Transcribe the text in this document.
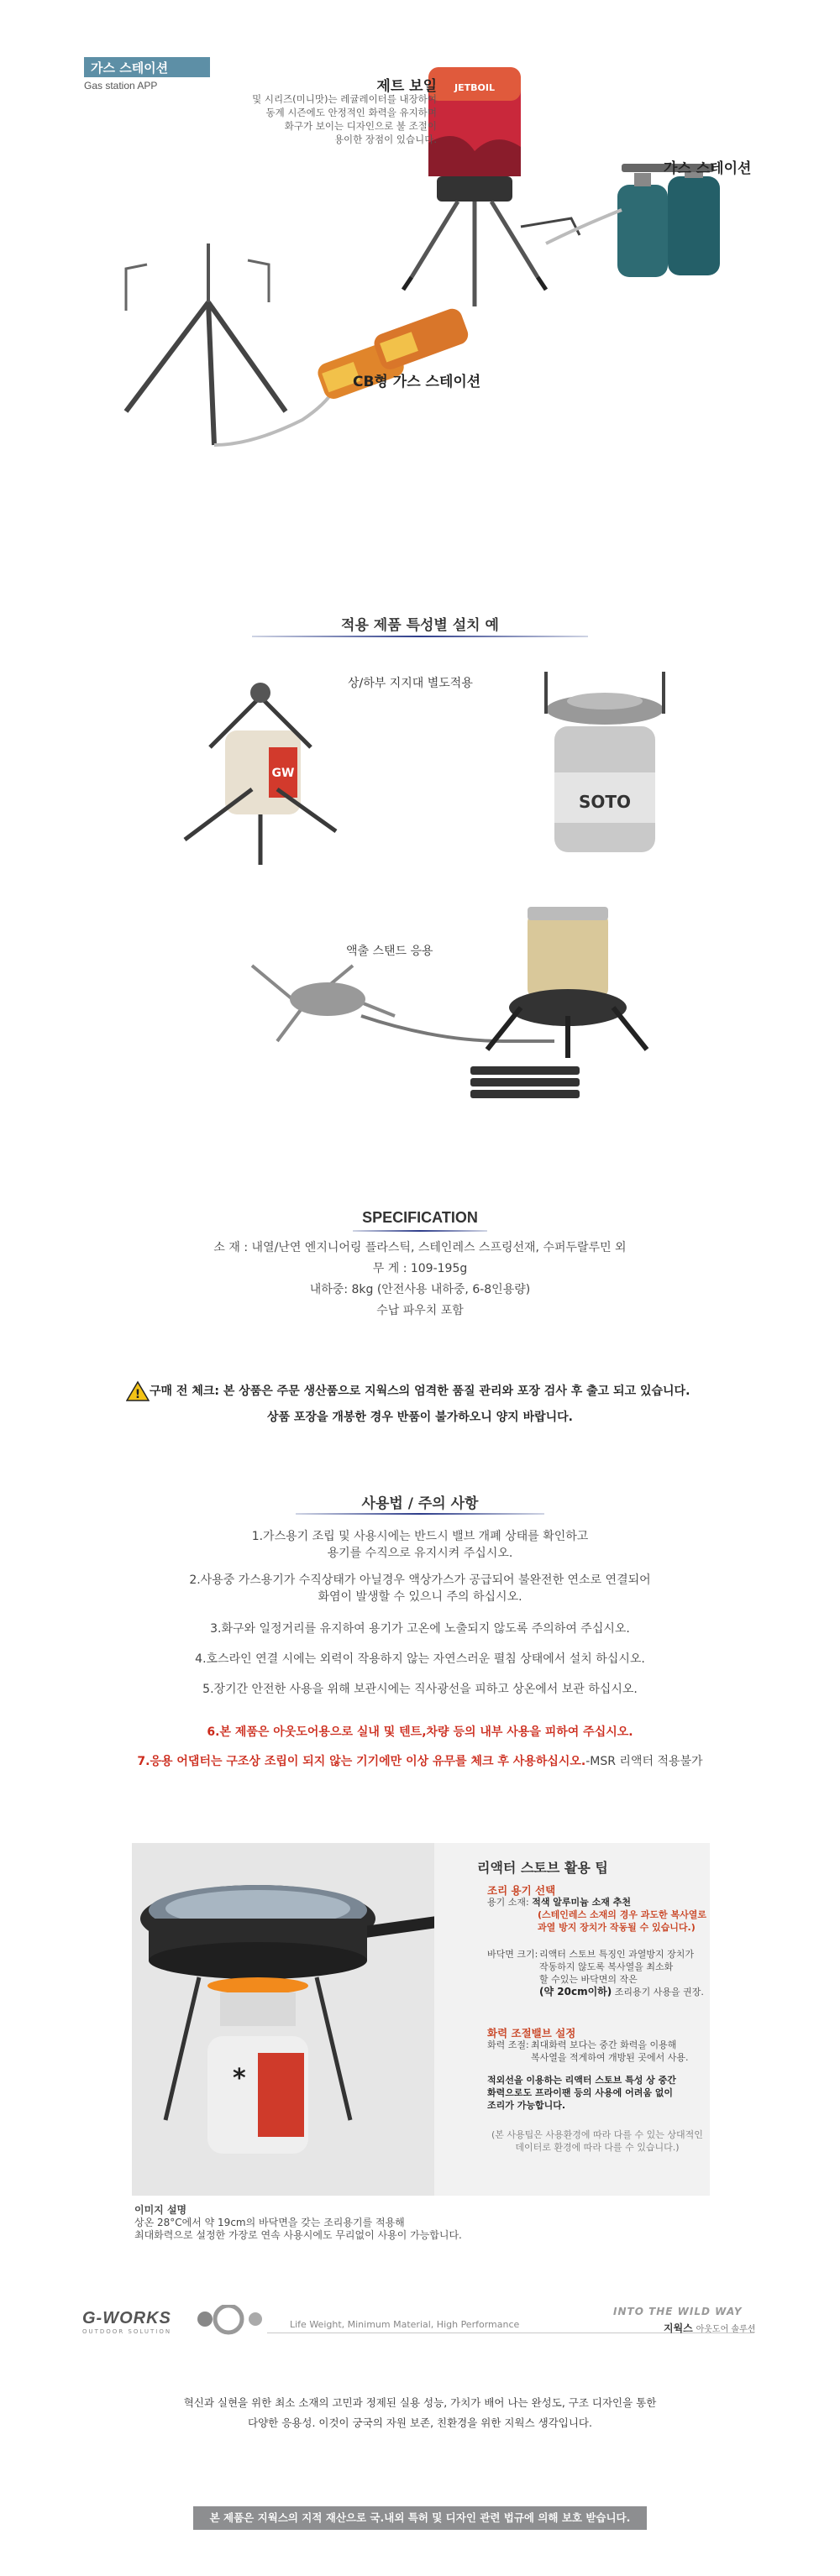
가스 스테이션
Gas station APP	JETBOIL
제트 보일
및 시리즈(미니맛)는 레귤레이터를 내장하여
동계 시즌에도 안정적인 화력을 유지하며
화구가 보이는 디자인으로 불 조절이
용이한 장점이 있습니다.
가스 스테이션
CB형 가스 스테이션
적용 제품 특성별 설치 예
GW
SOTO
상/하부 지지대 별도적용
액출 스탠드 응용
SPECIFICATION
소 재 : 내열/난연 엔지니어링 플라스틱, 스테인레스 스프링선재, 수퍼두랄루민 외
무 게 : 109-195g
내하중: 8kg (안전사용 내하중, 6-8인용량)
수납 파우치 포함
! 구매 전 체크: 본 상품은 주문 생산품으로 지웍스의 엄격한 품질 관리와 포장 검사 후 출고 되고 있습니다.
상품 포장을 개봉한 경우 반품이 불가하오니 양지 바랍니다.
사용법 / 주의 사항
1.가스용기 조립 및 사용시에는 반드시 밸브 개폐 상태를 확인하고
용기를 수직으로 유지시켜 주십시오.
2.사용중 가스용기가 수직상태가 아닐경우 액상가스가 공급되어 불완전한 연소로 연결되어
화염이 발생할 수 있으니 주의 하십시오.
3.화구와 일정거리를 유지하여 용기가 고온에 노출되지 않도록 주의하여 주십시오.
4.호스라인 연결 시에는 외력이 작용하지 않는 자연스러운 펼침 상태에서 설치 하십시오.
5.장기간 안전한 사용을 위해 보관시에는 직사광선을 피하고 상온에서 보관 하십시오.
6.본 제품은 아웃도어용으로 실내 및 텐트,차량 등의 내부 사용을 피하여 주십시오.
7.응용 어댑터는 구조상 조립이 되지 않는 기기에만 이상 유무를 체크 후 사용하십시오.-MSR 리액터 적용불가
*
리액터 스토브 활용 팁
조리 용기 선택
용기 소재: 적색 알루미늄 소재 추천
(스테인레스 소재의 경우 과도한 복사열로
과열 방지 장치가 작동될 수 있습니다.)
바닥면 크기: 리액터 스토브 특징인 과열방지 장치가
작동하지 않도록 복사열을 최소화
할 수있는 바닥면의 작은
(약 20cm이하) 조리용기 사용을 권장.
화력 조절밸브 설정
화력 조절: 최대화력 보다는 중간 화력을 이용해
복사열을 적게하여 개방된 곳에서 사용.
적외선을 이용하는 리액터 스토브 특성 상 중간
화력으로도 프라이팬 등의 사용에 어려움 없이
조리가 가능합니다.
(본 사용팁은 사용환경에 따라 다를 수 있는 상대적인
데이터로 환경에 따라 다를 수 있습니다.)
이미지 설명
상온 28°C에서 약 19cm의 바닥면을 갖는 조리용기를 적용해
최대화력으로 설정한 가장로 연속 사용시에도 무리없이 사용이 가능합니다.
G-WORKS
OUTDOOR SOLUTION
Life Weight, Minimum Material, High Performance
INTO THE WILD WAY
지웍스 아웃도어 솔루션
혁신과 실현을 위한 최소 소재의 고민과 정제된 실용 성능, 가치가 배어 나는 완성도, 구조 디자인을 통한
다양한 응용성. 이것이 궁국의 자원 보존, 친환경을 위한 지웍스 생각입니다.
본 제품은 지웍스의 지적 재산으로 국.내외 특허 및 디자인 관련 법규에 의해 보호 받습니다.
